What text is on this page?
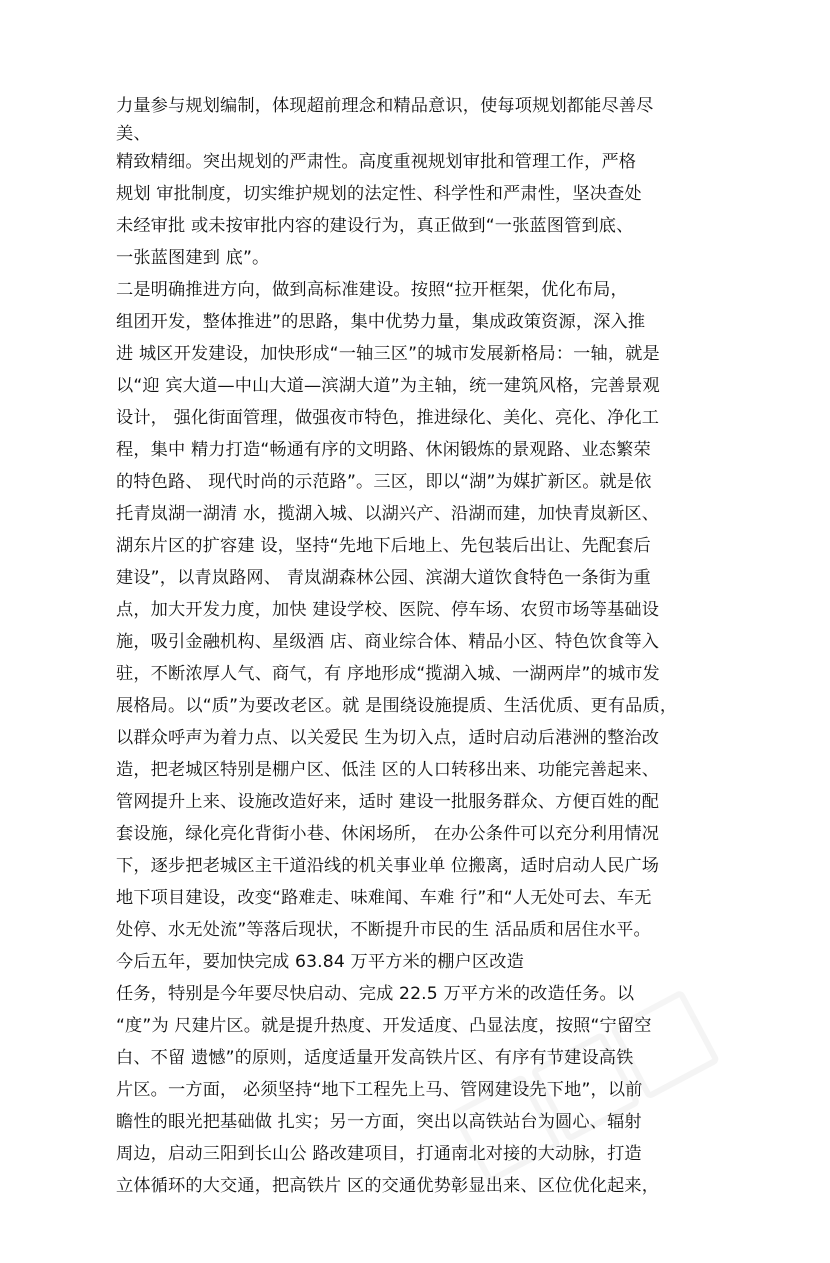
力量参与规划编制，体现超前理念和精品意识，使每项规划都能尽善尽
美、
精致精细。突出规划的严肃性。高度重视规划审批和管理工作，严格
规划 审批制度，切实维护规划的法定性、科学性和严肃性，坚决查处
未经审批 或未按审批内容的建设行为，真正做到“一张蓝图管到底、
一张蓝图建到 底”。
二是明确推进方向，做到高标准建设。按照“拉开框架，优化布局，
组团开发，整体推进”的思路，集中优势力量，集成政策资源，深入推
进 城区开发建设，加快形成“一轴三区”的城市发展新格局：一轴，就是
以“迎 宾大道—中山大道—滨湖大道”为主轴，统一建筑风格，完善景观
设计， 强化街面管理，做强夜市特色，推进绿化、美化、亮化、净化工
程，集中 精力打造“畅通有序的文明路、休闲锻炼的景观路、业态繁荣
的特色路、 现代时尚的示范路”。三区，即以“湖”为媒扩新区。就是依
托青岚湖一湖清 水，揽湖入城、以湖兴产、沿湖而建，加快青岚新区、
湖东片区的扩容建 设，坚持“先地下后地上、先包装后出让、先配套后
建设”，以青岚路网、 青岚湖森林公园、滨湖大道饮食特色一条街为重
点，加大开发力度，加快 建设学校、医院、停车场、农贸市场等基础设
施，吸引金融机构、星级酒 店、商业综合体、精品小区、特色饮食等入
驻，不断浓厚人气、商气，有 序地形成“揽湖入城、一湖两岸”的城市发
展格局。以“质”为要改老区。就 是围绕设施提质、生活优质、更有品质，
以群众呼声为着力点、以关爱民 生为切入点，适时启动后港洲的整治改
造，把老城区特别是棚户区、低洼 区的人口转移出来、功能完善起来、
管网提升上来、设施改造好来，适时 建设一批服务群众、方便百姓的配
套设施，绿化亮化背街小巷、休闲场所， 在办公条件可以充分利用情况
下，逐步把老城区主干道沿线的机关事业单 位搬离，适时启动人民广场
地下项目建设，改变“路难走、味难闻、车难 行”和“人无处可去、车无
处停、水无处流”等落后现状，不断提升市民的生 活品质和居住水平。
今后五年，要加快完成 63.84 万平方米的棚户区改造
任务，特别是今年要尽快启动、完成 22.5 万平方米的改造任务。以
“度”为 尺建片区。就是提升热度、开发适度、凸显法度，按照“宁留空
白、不留 遗憾”的原则，适度适量开发高铁片区、有序有节建设高铁
片区。一方面， 必须坚持“地下工程先上马、管网建设先下地”，以前
瞻性的眼光把基础做 扎实；另一方面，突出以高铁站台为圆心、辐射
周边，启动三阳到长山公 路改建项目，打通南北对接的大动脉，打造
立体循环的大交通，把高铁片 区的交通优势彰显出来、区位优化起来，
